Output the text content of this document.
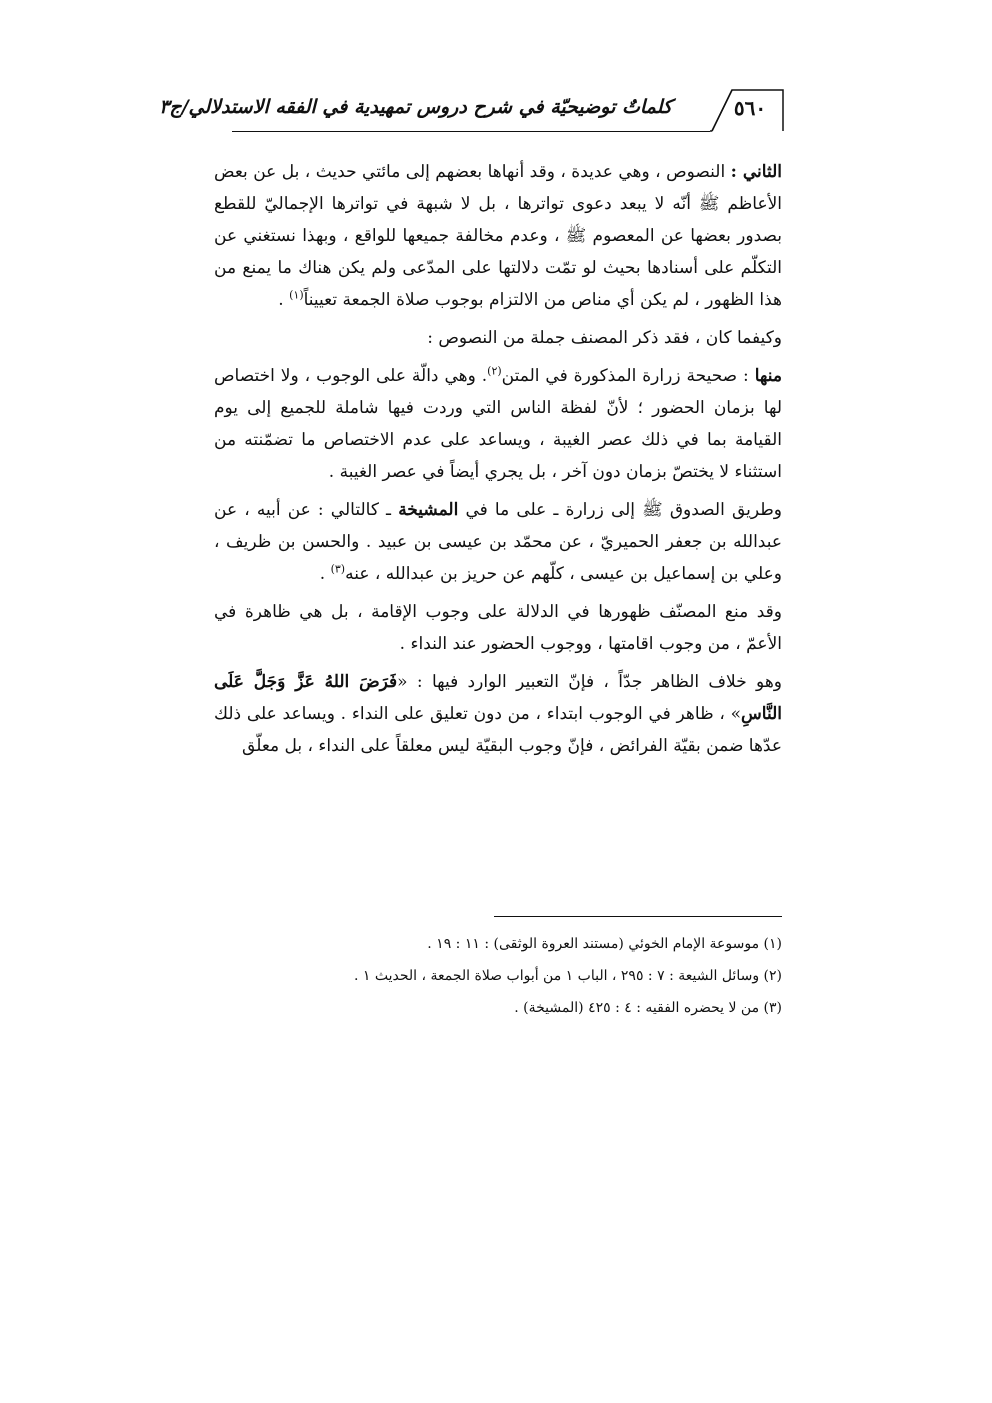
كلماتٌ توضيحيّة في شرح دروس تمهيدية في الفقه الاستدلالي/ج٣	٥٦٠

الثاني : النصوص ، وهي عديدة ، وقد أنهاها بعضهم إلى مائتي حديث ، بل عن بعض الأعاظم ﷺ أنّه لا يبعد دعوى تواترها ، بل لا شبهة في تواترها الإجماليّ للقطع بصدور بعضها عن المعصوم ﷺ ، وعدم مخالفة جميعها للواقع ، وبهذا نستغني عن التكلّم على أسنادها بحيث لو تمّت دلالتها على المدّعى ولم يكن هناك ما يمنع من هذا الظهور ، لم يكن أي مناص من الالتزام بوجوب صلاة الجمعة تعييناً$^{(١)}$ .

وكيفما كان ، فقد ذكر المصنف جملة من النصوص :

منها : صحيحة زرارة المذكورة في المتن$^{(٢)}$. وهي دالّة على الوجوب ، ولا اختصاص لها بزمان الحضور ؛ لأنّ لفظة الناس التي وردت فيها شاملة للجميع إلى يوم القيامة بما في ذلك عصر الغيبة ، ويساعد على عدم الاختصاص ما تضمّنته من استثناء لا يختصّ بزمان دون آخر ، بل يجري أيضاً في عصر الغيبة .

وطريق الصدوق ﷺ إلى زرارة ـ على ما في المشيخة ـ كالتالي : عن أبيه ، عن عبدالله بن جعفر الحميريّ ، عن محمّد بن عيسى بن عبيد . والحسن بن ظريف ، وعلي بن إسماعيل بن عيسى ، كلّهم عن حريز بن عبدالله ، عنه$^{(٣)}$ .

وقد منع المصنّف ظهورها في الدلالة على وجوب الإقامة ، بل هي ظاهرة في الأعمّ ، من وجوب اقامتها ، ووجوب الحضور عند النداء .

وهو خلاف الظاهر جدّاً ، فإنّ التعبير الوارد فيها : «فَرَضَ اللهُ عَزَّ وَجَلَّ عَلَى النَّاسِ» ، ظاهر في الوجوب ابتداء ، من دون تعليق على النداء . ويساعد على ذلك عدّها ضمن بقيّة الفرائض ، فإنّ وجوب البقيّة ليس معلقاً على النداء ، بل معلّق

(١) موسوعة الإمام الخوئي (مستند العروة الوثقى) : ١١ : ١٩ .
(٢) وسائل الشيعة : ٧ : ٢٩٥ ، الباب ١ من أبواب صلاة الجمعة ، الحديث ١ .
(٣) من لا يحضره الفقيه : ٤ : ٤٢٥ (المشيخة) .
